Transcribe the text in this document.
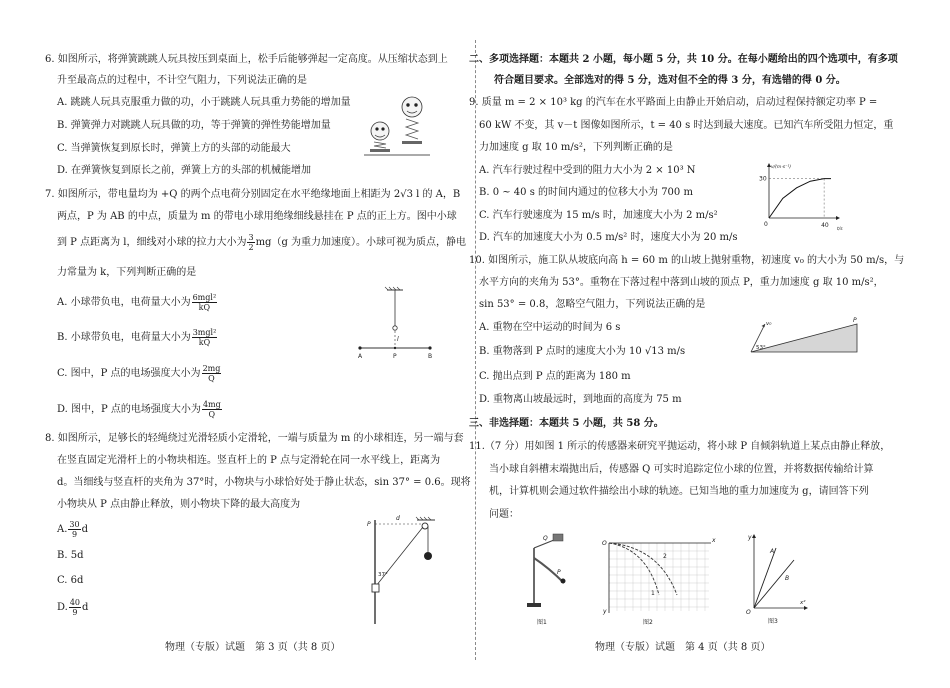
6. 如图所示，将弹簧跳跳人玩具按压到桌面上，松手后能够弹起一定高度。从压缩状态到上
升至最高点的过程中，不计空气阻力，下列说法正确的是
A. 跳跳人玩具克服重力做的功，小于跳跳人玩具重力势能的增加量
B. 弹簧弹力对跳跳人玩具做的功，等于弹簧的弹性势能增加量
C. 当弹簧恢复到原长时，弹簧上方的头部的动能最大
D. 在弹簧恢复到原长之前，弹簧上方的头部的机械能增加
7. 如图所示，带电量均为 +Q 的两个点电荷分别固定在水平绝缘地面上相距为 2√3 l 的 A，B
两点，P 为 AB 的中点，质量为 m 的带电小球用绝缘细线悬挂在 P 点的正上方。图中小球
到 P 点距离为 l，细线对小球的拉力大小为 $\frac{3}{2} mg(g$ 为重力加速度）。小球可视为质点，静电
力常量为 k，下列判断正确的是
A. 小球带负电，电荷量大小为 $\frac{\text{6mgl²}}{kQ}$
B. 小球带负电，电荷量大小为 $\frac{\text{3mgl²}}{kQ}$
C. 图中，P 点的电场强度大小为 $\frac{2mg}{Q}$
D. 图中，P 点的电场强度大小为 $\frac{4mg}{Q}$
A	P	B
l
8. 如图所示，足够长的轻绳绕过光滑轻质小定滑轮，一端与质量为 m 的小球相连，另一端与套
在竖直固定光滑杆上的小物块相连。竖直杆上的 P 点与定滑轮在同一水平线上，距离为
d。当细线与竖直杆的夹角为 37°时，小物块与小球恰好处于静止状态，sin 37° = 0.6。现将
小物块从 P 点由静止释放，则小物块下降的最大高度为
A. $\frac{30}{9}$ d
B. 5d
C. 6d
D. $\frac{40}{9}$ d
P
d
37°
物理（专版）试题　第 3 页（共 8 页）
二、多项选择题：本题共 2 小题，每小题 5 分，共 10 分。在每小题给出的四个选项中，有多项
符合题目要求。全部选对的得 5 分，选对但不全的得 3 分，有选错的得 0 分。
9. 质量 m = 2 × 10³ kg 的汽车在水平路面上由静止开始启动，启动过程保持额定功率 P =
60 kW 不变，其 v－t 图像如图所示，t = 40 s 时达到最大速度。已知汽车所受阻力恒定，重
力加速度 g 取 10 m/s²，下列判断正确的是
A. 汽车行驶过程中受到的阻力大小为 2 × 10³ N
B. 0 ~ 40 s 的时间内通过的位移大小为 700 m
C. 汽车行驶速度为 15 m/s 时，加速度大小为 2 m/s²
D. 汽车的加速度大小为 0.5 m/s² 时，速度大小为 20 m/s
v/(m·s⁻¹)
t/s
30
0	40
10. 如图所示，施工队从坡底向高 h = 60 m 的山坡上抛射重物，初速度 v₀ 的大小为 50 m/s，与
水平方向的夹角为 53°。重物在下落过程中落到山坡的顶点 P，重力加速度 g 取 10 m/s²，
sin 53° = 0.8，忽略空气阻力，下列说法正确的是
A. 重物在空中运动的时间为 6 s
B. 重物落到 P 点时的速度大小为 10 √13 m/s
C. 抛出点到 P 点的距离为 180 m
D. 重物离山坡最远时，到地面的高度为 75 m
v₀
53°
P
三、非选择题：本题共 5 小题，共 58 分。
11.（7 分）用如图 1 所示的传感器来研究平抛运动，将小球 P 自倾斜轨道上某点由静止释放，
当小球自斜槽末端抛出后，传感器 Q 可实时追踪定位小球的位置，并将数据传输给计算
机，计算机则会通过软件描绘出小球的轨迹。已知当地的重力加速度为 g，请回答下列
问题：
Q
P
图1
O	x
y
2
1
图2
y
O
x²
A
B
图3
物理（专版）试题　第 4 页（共 8 页）
